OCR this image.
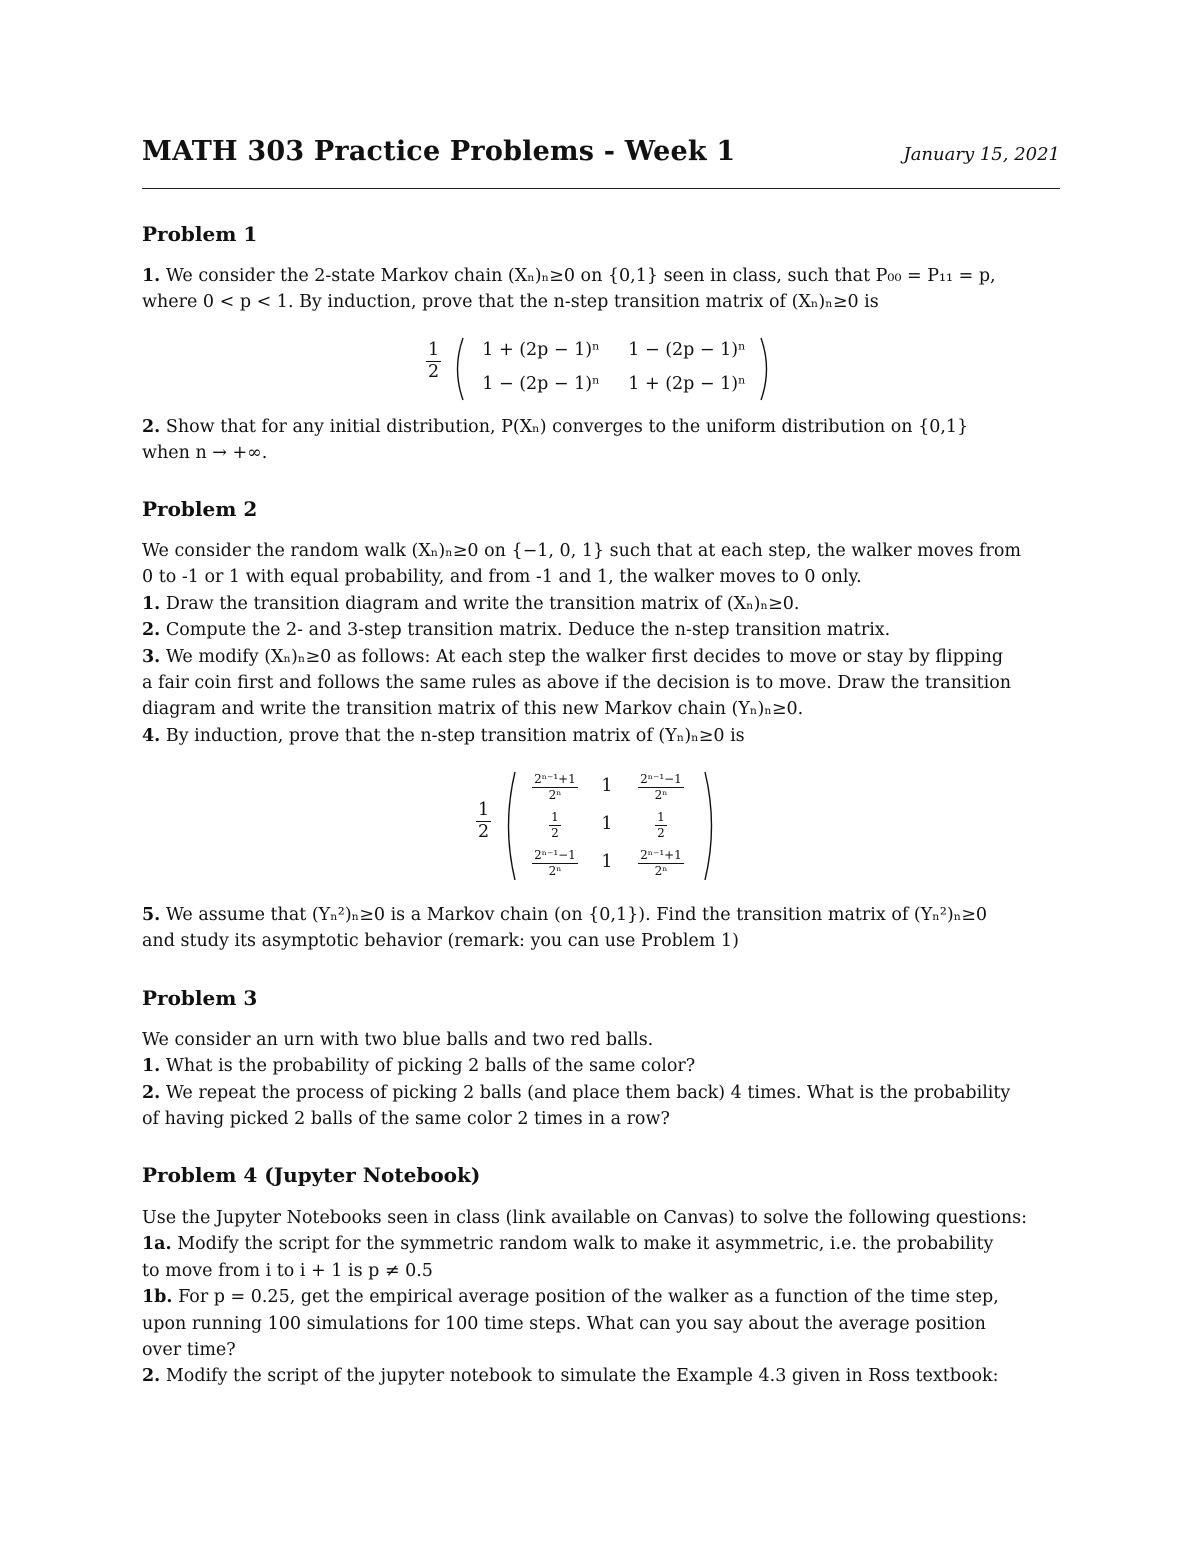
MATH 303 Practice Problems - Week 1	January 15, 2021
Problem 1

1. We consider the 2-state Markov chain (Xₙ)ₙ≥0 on {0,1} seen in class, such that P₀₀ = P₁₁ = p,

where 0 < p < 1. By induction, prove that the n-step transition matrix of (Xₙ)ₙ≥0 is

$\frac{1}{2}$	1 + (2p − 1)ⁿ	1 − (2p − 1)ⁿ
1 − (2p − 1)ⁿ	1 + (2p − 1)ⁿ

2. Show that for any initial distribution, P(Xₙ) converges to the uniform distribution on {0,1}

when n → +∞.

Problem 2

We consider the random walk (Xₙ)ₙ≥0 on {−1, 0, 1} such that at each step, the walker moves from

0 to -1 or 1 with equal probability, and from -1 and 1, the walker moves to 0 only.

1. Draw the transition diagram and write the transition matrix of (Xₙ)ₙ≥0.

2. Compute the 2- and 3-step transition matrix. Deduce the n-step transition matrix.

3. We modify (Xₙ)ₙ≥0 as follows: At each step the walker first decides to move or stay by flipping

a fair coin first and follows the same rules as above if the decision is to move. Draw the transition

diagram and write the transition matrix of this new Markov chain (Yₙ)ₙ≥0.

4. By induction, prove that the n-step transition matrix of (Yₙ)ₙ≥0 is

$\frac{1}{2}$
$\frac{\text{2ⁿ⁻¹+1}}{\text{2ⁿ}}$	1	$\frac{\text{2ⁿ⁻¹−1}}{\text{2ⁿ}}$
$\frac{1}{2}$	1	$\frac{1}{2}$
$\frac{\text{2ⁿ⁻¹−1}}{\text{2ⁿ}}$	1	$\frac{\text{2ⁿ⁻¹+1}}{\text{2ⁿ}}$

5. We assume that (Yₙ²)ₙ≥0 is a Markov chain (on {0,1}). Find the transition matrix of (Yₙ²)ₙ≥0

and study its asymptotic behavior (remark: you can use Problem 1)

Problem 3

We consider an urn with two blue balls and two red balls.

1. What is the probability of picking 2 balls of the same color?

2. We repeat the process of picking 2 balls (and place them back) 4 times. What is the probability

of having picked 2 balls of the same color 2 times in a row?

Problem 4 (Jupyter Notebook)

Use the Jupyter Notebooks seen in class (link available on Canvas) to solve the following questions:

1a. Modify the script for the symmetric random walk to make it asymmetric, i.e. the probability

to move from i to i + 1 is p ≠ 0.5

1b. For p = 0.25, get the empirical average position of the walker as a function of the time step,

upon running 100 simulations for 100 time steps. What can you say about the average position

over time?

2. Modify the script of the jupyter notebook to simulate the Example 4.3 given in Ross textbook:
